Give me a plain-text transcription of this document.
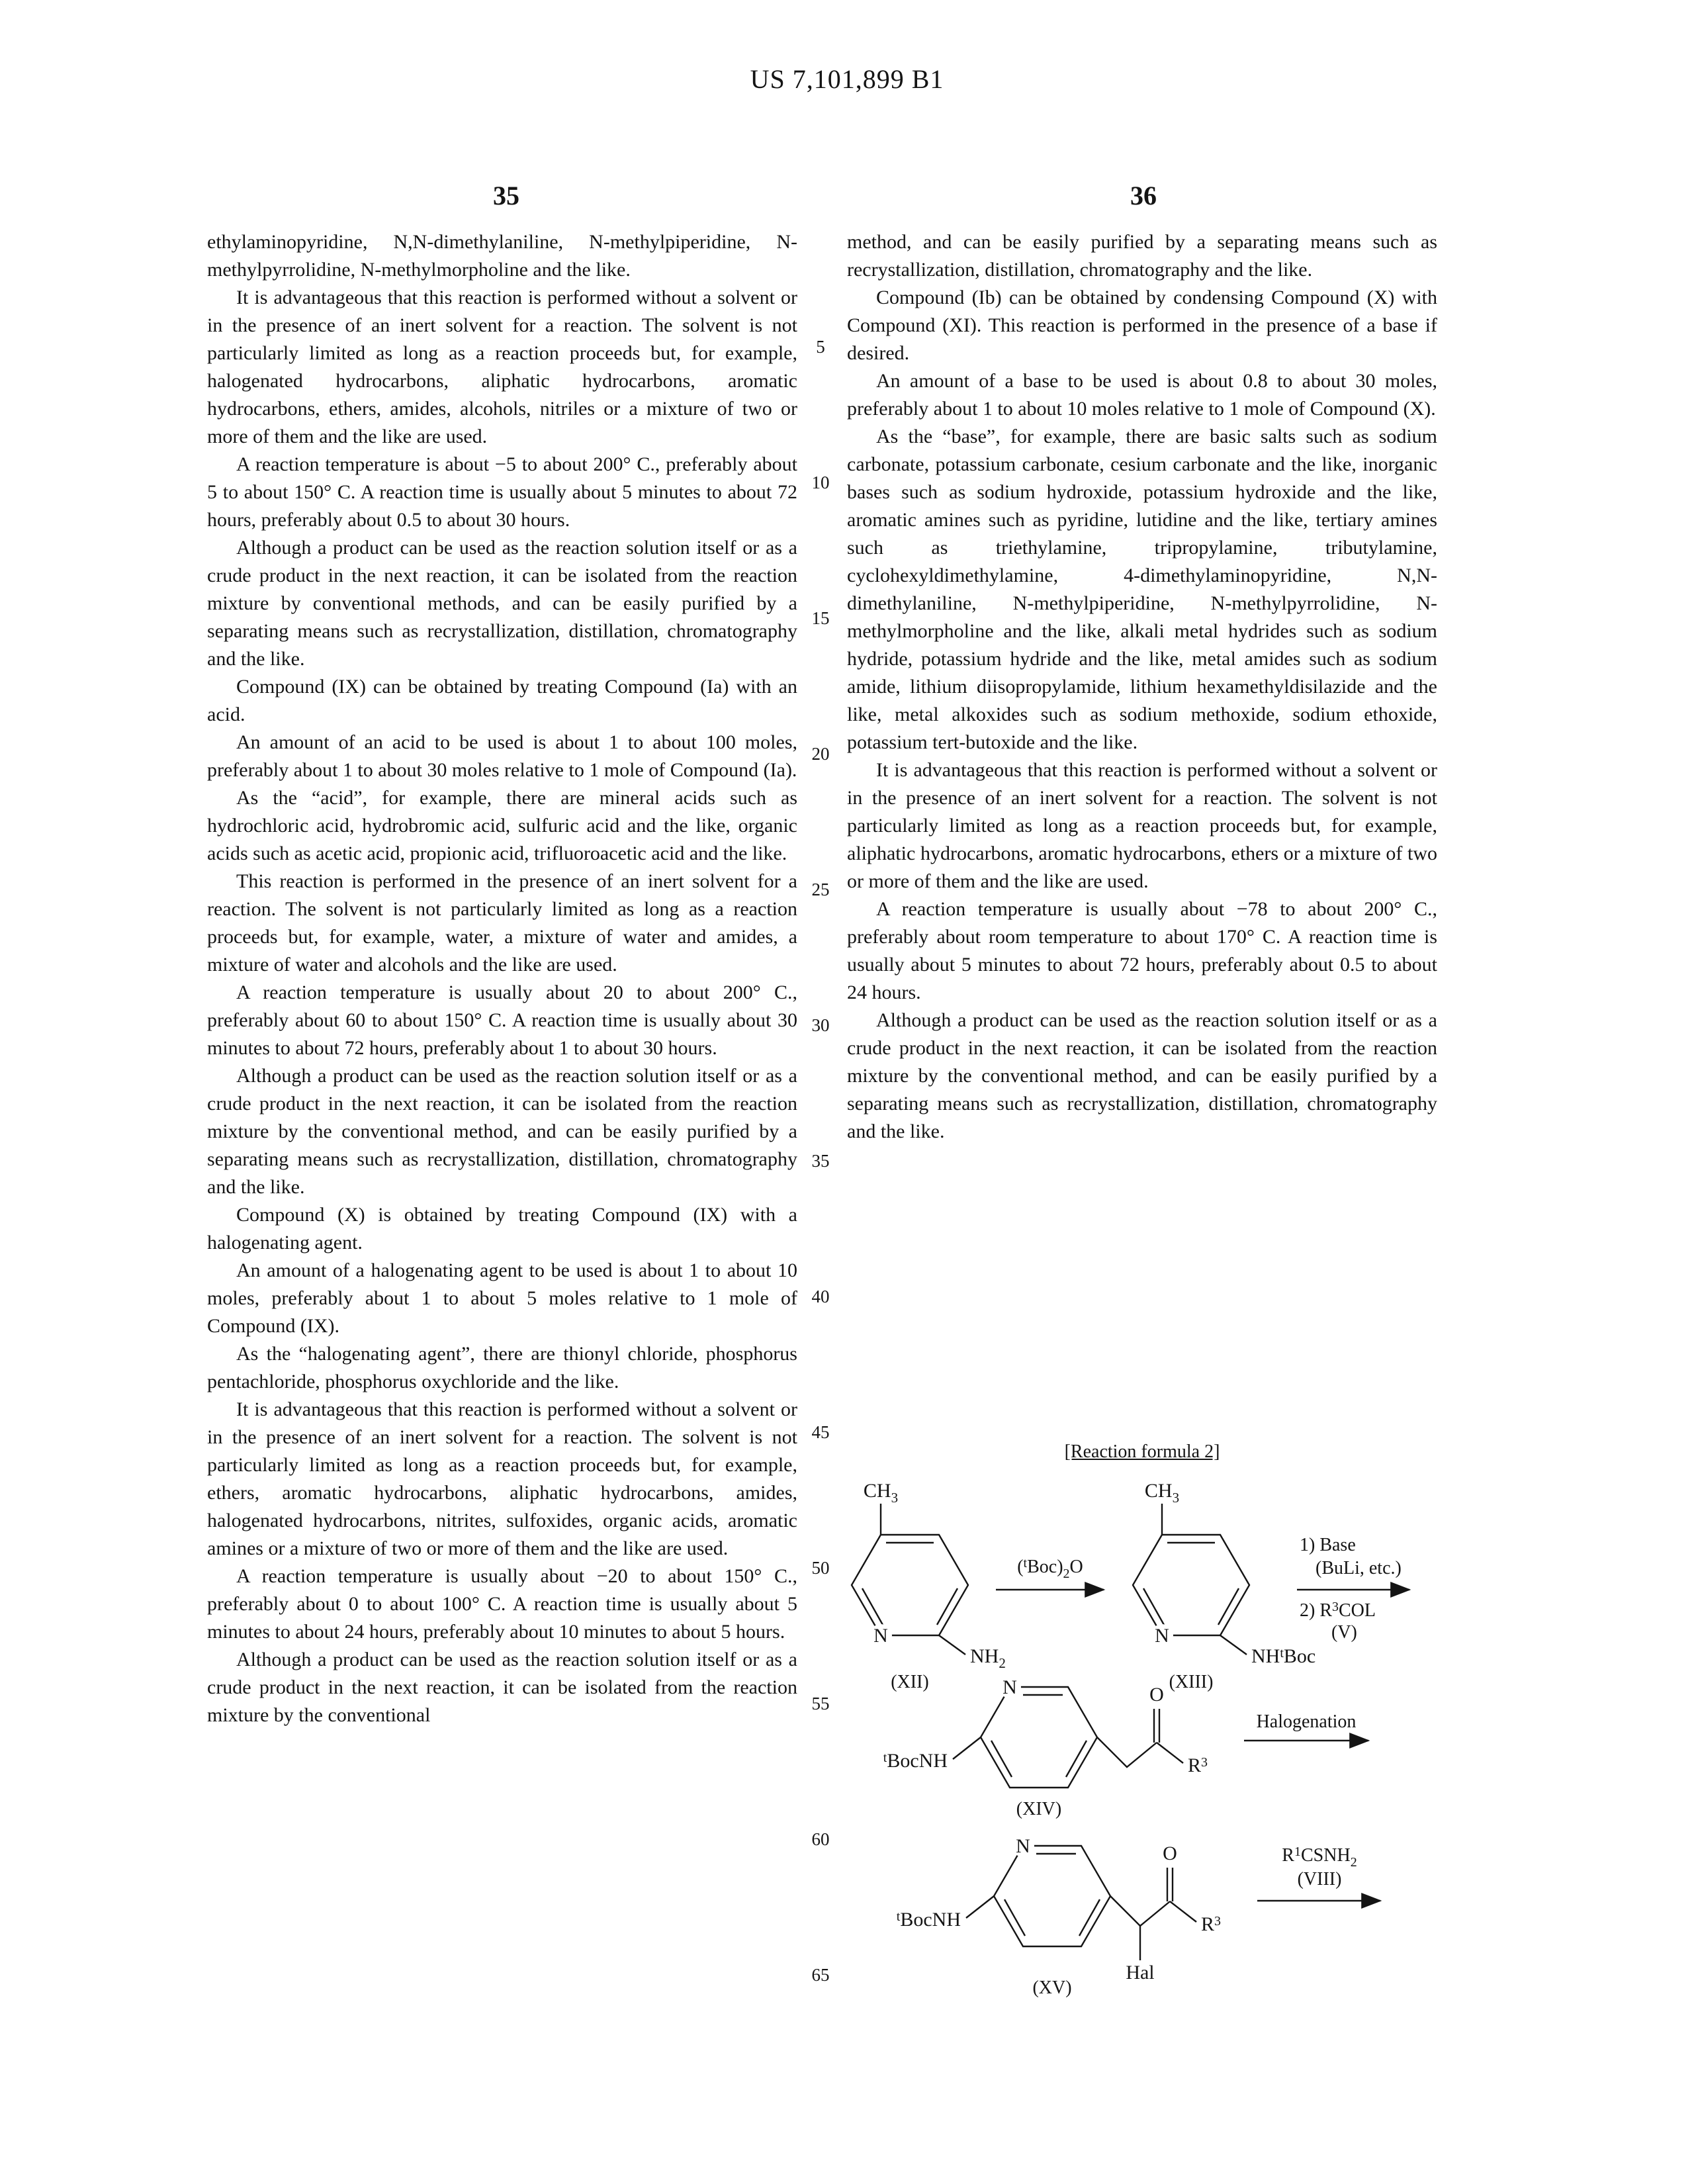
US 7,101,899 B1
35	36
5
10
15
20
25
30
35
40
45
50
55
60
65

ethylaminopyridine, N,N-dimethylaniline, N-methylpiperidine, N-methylpyrrolidine, N-methylmorpholine and the like.

It is advantageous that this reaction is performed without a solvent or in the presence of an inert solvent for a reaction. The solvent is not particularly limited as long as a reaction proceeds but, for example, halogenated hydrocarbons, aliphatic hydrocarbons, aromatic hydrocarbons, ethers, amides, alcohols, nitriles or a mixture of two or more of them and the like are used.

A reaction temperature is about −5 to about 200° C., preferably about 5 to about 150° C. A reaction time is usually about 5 minutes to about 72 hours, preferably about 0.5 to about 30 hours.

Although a product can be used as the reaction solution itself or as a crude product in the next reaction, it can be isolated from the reaction mixture by conventional methods, and can be easily purified by a separating means such as recrystallization, distillation, chromatography and the like.

Compound (IX) can be obtained by treating Compound (Ia) with an acid.

An amount of an acid to be used is about 1 to about 100 moles, preferably about 1 to about 30 moles relative to 1 mole of Compound (Ia).

As the “acid”, for example, there are mineral acids such as hydrochloric acid, hydrobromic acid, sulfuric acid and the like, organic acids such as acetic acid, propionic acid, trifluoroacetic acid and the like.

This reaction is performed in the presence of an inert solvent for a reaction. The solvent is not particularly limited as long as a reaction proceeds but, for example, water, a mixture of water and amides, a mixture of water and alcohols and the like are used.

A reaction temperature is usually about 20 to about 200° C., preferably about 60 to about 150° C. A reaction time is usually about 30 minutes to about 72 hours, preferably about 1 to about 30 hours.

Although a product can be used as the reaction solution itself or as a crude product in the next reaction, it can be isolated from the reaction mixture by the conventional method, and can be easily purified by a separating means such as recrystallization, distillation, chromatography and the like.

Compound (X) is obtained by treating Compound (IX) with a halogenating agent.

An amount of a halogenating agent to be used is about 1 to about 10 moles, preferably about 1 to about 5 moles relative to 1 mole of Compound (IX).

As the “halogenating agent”, there are thionyl chloride, phosphorus pentachloride, phosphorus oxychloride and the like.

It is advantageous that this reaction is performed without a solvent or in the presence of an inert solvent for a reaction. The solvent is not particularly limited as long as a reaction proceeds but, for example, ethers, aromatic hydrocarbons, aliphatic hydrocarbons, amides, halogenated hydrocarbons, nitrites, sulfoxides, organic acids, aromatic amines or a mixture of two or more of them and the like are used.

A reaction temperature is usually about −20 to about 150° C., preferably about 0 to about 100° C. A reaction time is usually about 5 minutes to about 24 hours, preferably about 10 minutes to about 5 hours.

Although a product can be used as the reaction solution itself or as a crude product in the next reaction, it can be isolated from the reaction mixture by the conventional

method, and can be easily purified by a separating means such as recrystallization, distillation, chromatography and the like.

Compound (Ib) can be obtained by condensing Compound (X) with Compound (XI). This reaction is performed in the presence of a base if desired.

An amount of a base to be used is about 0.8 to about 30 moles, preferably about 1 to about 10 moles relative to 1 mole of Compound (X).

As the “base”, for example, there are basic salts such as sodium carbonate, potassium carbonate, cesium carbonate and the like, inorganic bases such as sodium hydroxide, potassium hydroxide and the like, aromatic amines such as pyridine, lutidine and the like, tertiary amines such as triethylamine, tripropylamine, tributylamine, cyclohexyldimethylamine, 4-dimethylaminopyridine, N,N-dimethylaniline, N-methylpiperidine, N-methylpyrrolidine, N-methylmorpholine and the like, alkali metal hydrides such as sodium hydride, potassium hydride and the like, metal amides such as sodium amide, lithium diisopropylamide, lithium hexamethyldisilazide and the like, metal alkoxides such as sodium methoxide, sodium ethoxide, potassium tert-butoxide and the like.

It is advantageous that this reaction is performed without a solvent or in the presence of an inert solvent for a reaction. The solvent is not particularly limited as long as a reaction proceeds but, for example, aliphatic hydrocarbons, aromatic hydrocarbons, ethers or a mixture of two or more of them and the like are used.

A reaction temperature is usually about −78 to about 200° C., preferably about room temperature to about 170° C. A reaction time is usually about 5 minutes to about 72 hours, preferably about 0.5 to about 24 hours.

Although a product can be used as the reaction solution itself or as a crude product in the next reaction, it can be isolated from the reaction mixture by the conventional method, and can be easily purified by a separating means such as recrystallization, distillation, chromatography and the like.

[Reaction formula 2]
N
$CH_3$
$NH_2$
(XII)
$(^tBoc)_2O$
N
$CH_3$
$NH^tBoc$
(XIII)
1) Base
(BuLi, etc.)
2) $R^3COL$
(V)
N	O
$^t$BocNH	$R^3$
(XIV)
Halogenation
N	O
$^t$BocNH
Hal
$R^3$
(XV)
$R^1CSNH_2$
(VIII)
